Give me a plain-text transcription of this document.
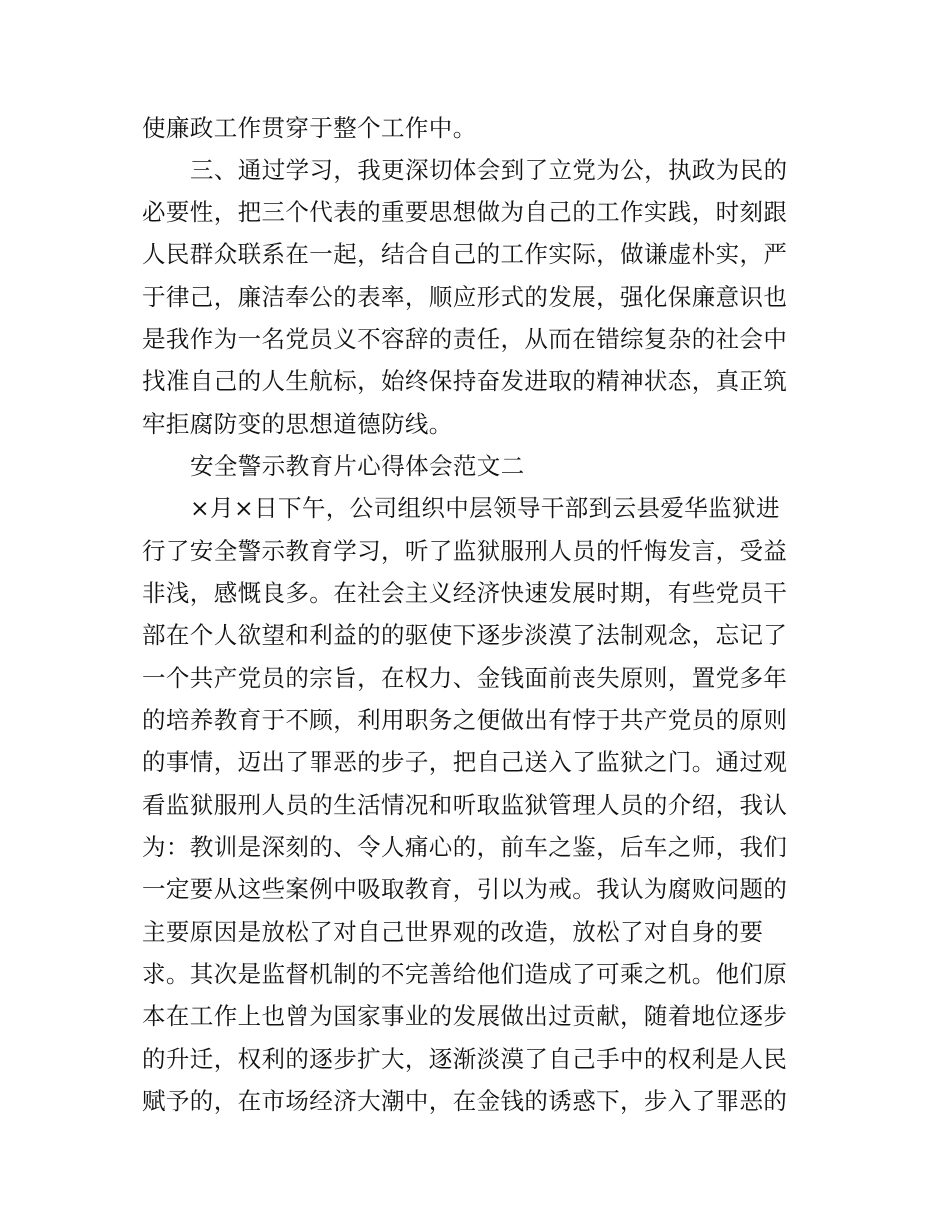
使廉政工作贯穿于整个工作中。

三、通过学习，我更深切体会到了立党为公，执政为民的

必要性，把三个代表的重要思想做为自己的工作实践，时刻跟

人民群众联系在一起，结合自己的工作实际，做谦虚朴实，严

于律己，廉洁奉公的表率，顺应形式的发展，强化保廉意识也

是我作为一名党员义不容辞的责任，从而在错综复杂的社会中

找准自己的人生航标，始终保持奋发进取的精神状态，真正筑

牢拒腐防变的思想道德防线。

安全警示教育片心得体会范文二

×月×日下午，公司组织中层领导干部到云县爱华监狱进

行了安全警示教育学习，听了监狱服刑人员的忏悔发言，受益

非浅，感慨良多。在社会主义经济快速发展时期，有些党员干

部在个人欲望和利益的的驱使下逐步淡漠了法制观念，忘记了

一个共产党员的宗旨，在权力、金钱面前丧失原则，置党多年

的培养教育于不顾，利用职务之便做出有悖于共产党员的原则

的事情，迈出了罪恶的步子，把自己送入了监狱之门。通过观

看监狱服刑人员的生活情况和听取监狱管理人员的介绍，我认

为：教训是深刻的、令人痛心的，前车之鉴，后车之师，我们

一定要从这些案例中吸取教育，引以为戒。我认为腐败问题的

主要原因是放松了对自己世界观的改造，放松了对自身的要

求。其次是监督机制的不完善给他们造成了可乘之机。他们原

本在工作上也曾为国家事业的发展做出过贡献，随着地位逐步

的升迁，权利的逐步扩大，逐渐淡漠了自己手中的权利是人民

赋予的，在市场经济大潮中，在金钱的诱惑下，步入了罪恶的
